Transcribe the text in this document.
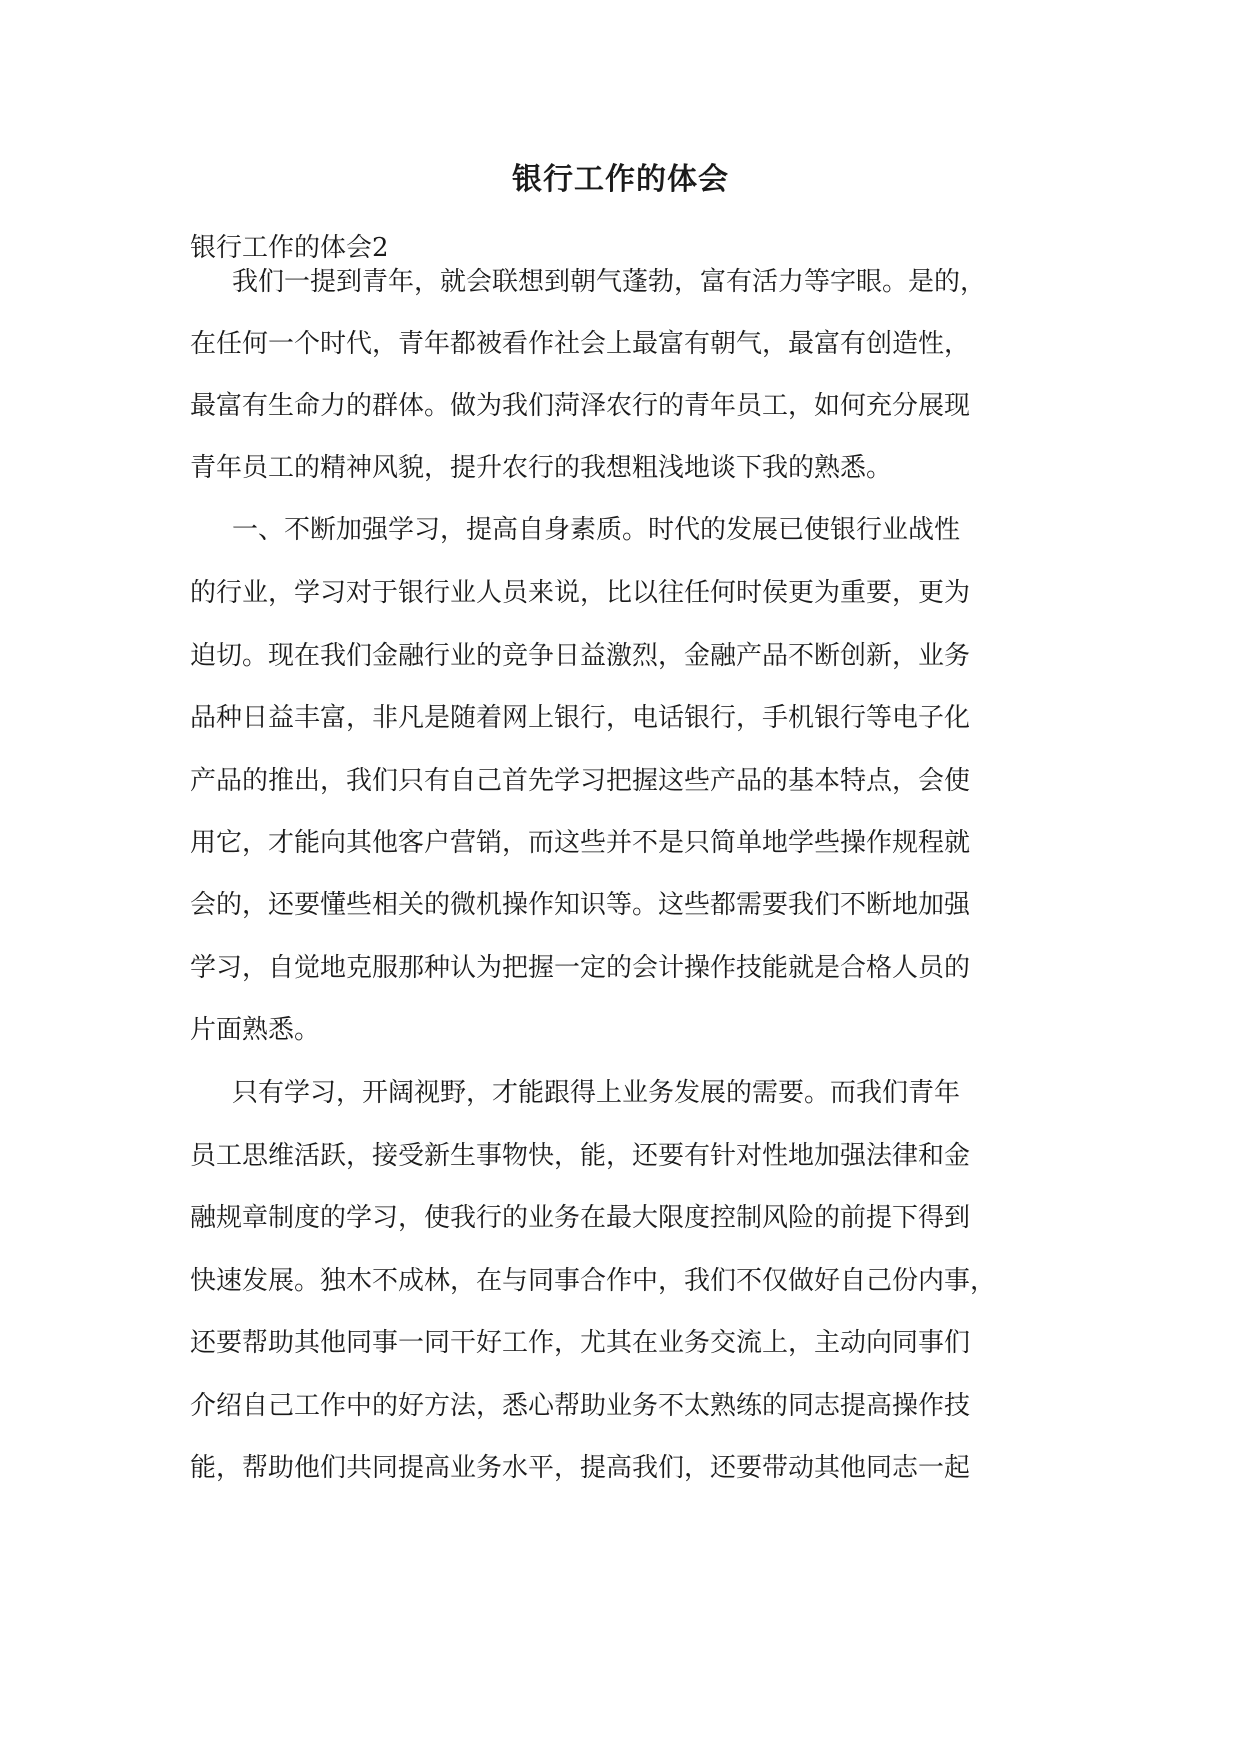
银行工作的体会
银行工作的体会2
我们一提到青年，就会联想到朝气蓬勃，富有活力等字眼。是的，
在任何一个时代，青年都被看作社会上最富有朝气，最富有创造性，
最富有生命力的群体。做为我们菏泽农行的青年员工，如何充分展现
青年员工的精神风貌，提升农行的我想粗浅地谈下我的熟悉。
一、不断加强学习，提高自身素质。时代的发展已使银行业战性
的行业，学习对于银行业人员来说，比以往任何时侯更为重要，更为
迫切。现在我们金融行业的竞争日益激烈，金融产品不断创新，业务
品种日益丰富，非凡是随着网上银行，电话银行，手机银行等电子化
产品的推出，我们只有自己首先学习把握这些产品的基本特点，会使
用它，才能向其他客户营销，而这些并不是只简单地学些操作规程就
会的，还要懂些相关的微机操作知识等。这些都需要我们不断地加强
学习，自觉地克服那种认为把握一定的会计操作技能就是合格人员的
片面熟悉。
只有学习，开阔视野，才能跟得上业务发展的需要。而我们青年
员工思维活跃，接受新生事物快，能，还要有针对性地加强法律和金
融规章制度的学习，使我行的业务在最大限度控制风险的前提下得到
快速发展。独木不成林，在与同事合作中，我们不仅做好自己份内事，
还要帮助其他同事一同干好工作，尤其在业务交流上，主动向同事们
介绍自己工作中的好方法，悉心帮助业务不太熟练的同志提高操作技
能，帮助他们共同提高业务水平，提高我们，还要带动其他同志一起
